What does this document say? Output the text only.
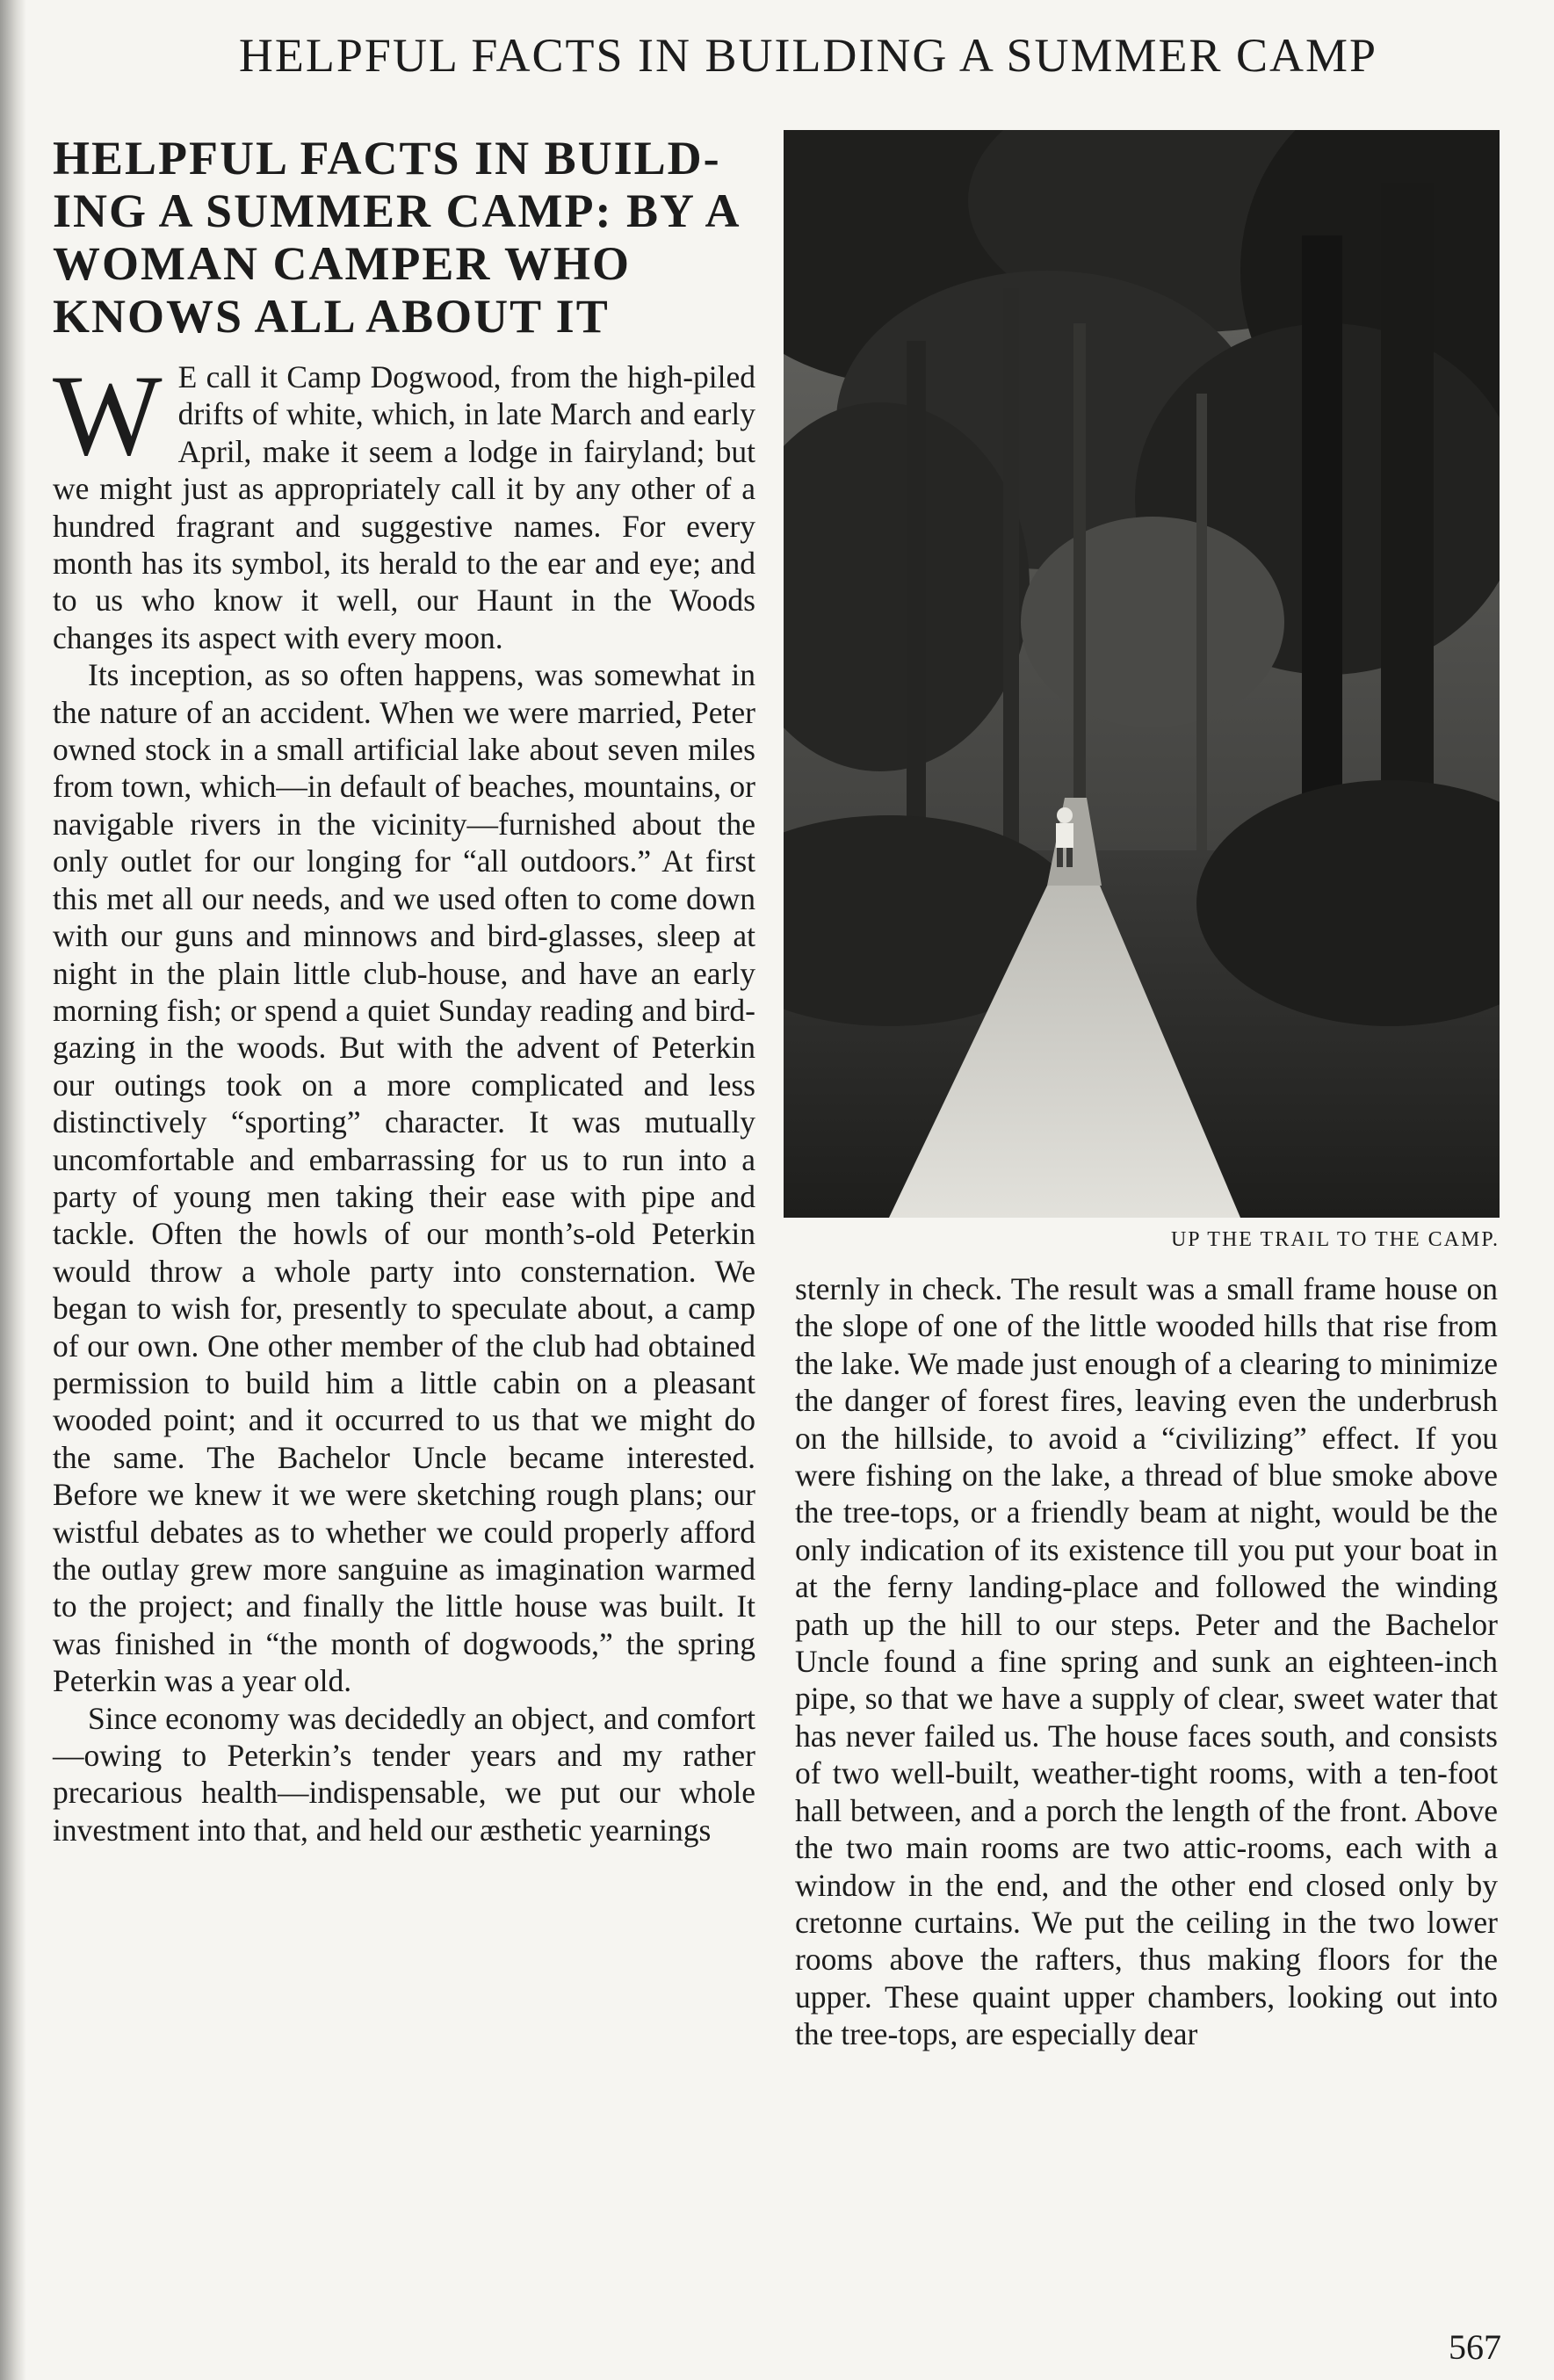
HELPFUL FACTS IN BUILDING A SUMMER CAMP
HELPFUL FACTS IN BUILD-ING A SUMMER CAMP: BY A WOMAN CAMPER WHO KNOWS ALL ABOUT IT

W E call it Camp Dogwood, from the high-piled drifts of white, which, in late March and early April, make it seem a lodge in fairyland; but we might just as appropriately call it by any other of a hundred fragrant and suggestive names. For every month has its symbol, its herald to the ear and eye; and to us who know it well, our Haunt in the Woods changes its aspect with every moon.

Its inception, as so often happens, was somewhat in the nature of an accident. When we were married, Peter owned stock in a small artificial lake about seven miles from town, which—in default of beaches, mountains, or navigable rivers in the vicinity—furnished about the only outlet for our longing for “all outdoors.” At first this met all our needs, and we used often to come down with our guns and minnows and bird-glasses, sleep at night in the plain little club-house, and have an early morning fish; or spend a quiet Sunday reading and bird-gazing in the woods. But with the advent of Peterkin our outings took on a more complicated and less distinctively “sporting” character. It was mutually uncomfortable and embarrassing for us to run into a party of young men taking their ease with pipe and tackle. Often the howls of our month’s-old Peterkin would throw a whole party into consternation. We began to wish for, presently to speculate about, a camp of our own. One other member of the club had obtained permission to build him a little cabin on a pleasant wooded point; and it occurred to us that we might do the same. The Bachelor Uncle became interested. Before we knew it we were sketching rough plans; our wistful debates as to whether we could properly afford the outlay grew more sanguine as imagination warmed to the project; and finally the little house was built. It was finished in “the month of dogwoods,” the spring Peterkin was a year old.

Since economy was decidedly an object, and comfort—owing to Peterkin’s tender years and my rather precarious health—indispensable, we put our whole investment into that, and held our æsthetic yearnings

UP THE TRAIL TO THE CAMP.

sternly in check. The result was a small frame house on the slope of one of the little wooded hills that rise from the lake. We made just enough of a clearing to minimize the danger of forest fires, leaving even the underbrush on the hillside, to avoid a “civilizing” effect. If you were fishing on the lake, a thread of blue smoke above the tree-tops, or a friendly beam at night, would be the only indication of its existence till you put your boat in at the ferny landing-place and followed the winding path up the hill to our steps. Peter and the Bachelor Uncle found a fine spring and sunk an eighteen-inch pipe, so that we have a supply of clear, sweet water that has never failed us. The house faces south, and consists of two well-built, weather-tight rooms, with a ten-foot hall between, and a porch the length of the front. Above the two main rooms are two attic-rooms, each with a window in the end, and the other end closed only by cretonne curtains. We put the ceiling in the two lower rooms above the rafters, thus making floors for the upper. These quaint upper chambers, looking out into the tree-tops, are especially dear

567
